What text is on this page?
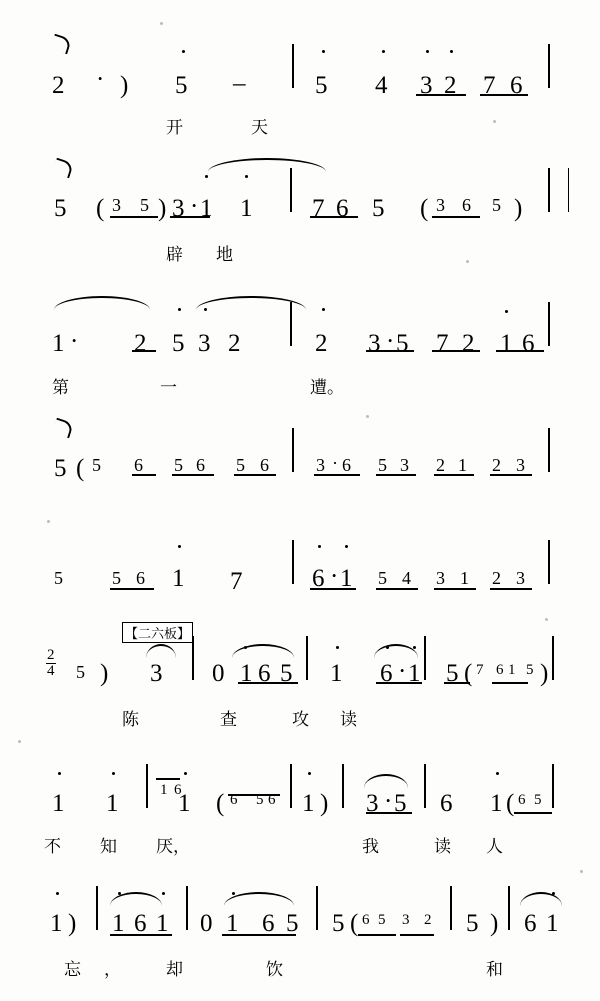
$\frac{2}{4}$
【二六板】
2 · ) 5 –	5 4 3 2 7 6
开	天
5 ( 3 5 ) 3 · 1 1 7 6 5 ( 3 6 5 )
辟 地
1 · 2 5 3 2	2 3 · 5 7 2 1 6
第	一	遭。
5 ( 5 6 5 6 5 6	3 · 6 5 3 2 1 2 3
5	5 6 1 7	6 · 1 5 4 3 1 2 3
5 ) 3 0 1 6 5 1 6 · 1 5 ( 7 6 1 5 )
陈	查	攻 读
1 1	1 6
1 ( 6 5 6 1 ) 3 · 5 6 1 ( 6 5
不 知 厌，	我	读 人
1 ) 1 6 1 0 1 6 5 5 ( 6 5 3 2 5 ) 6 1
忘 ，	却	饮	和
